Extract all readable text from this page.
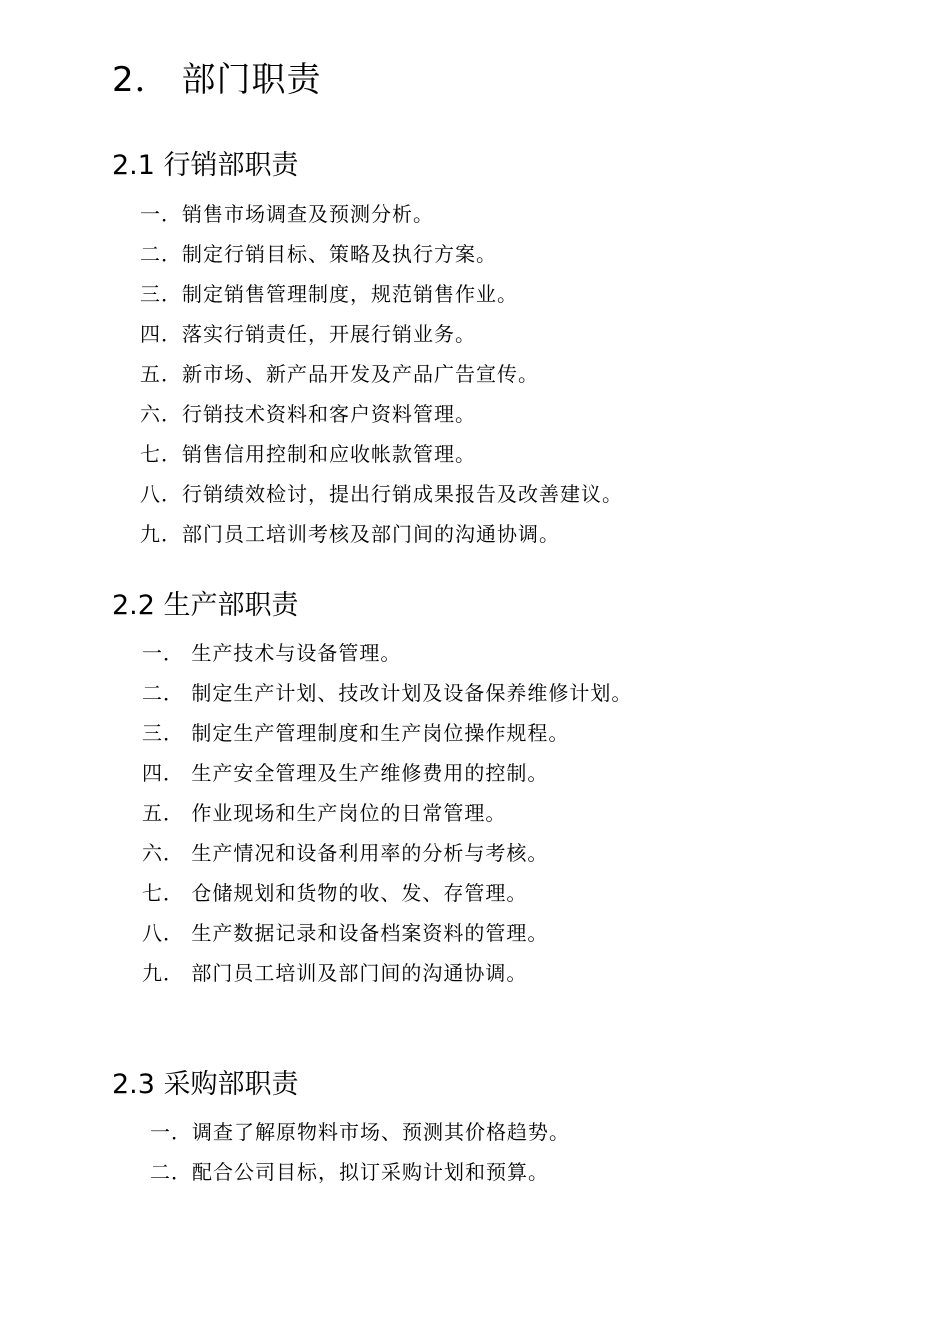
2． 部门职责
2.1 行销部职责
一．销售市场调查及预测分析。
二．制定行销目标、策略及执行方案。
三．制定销售管理制度，规范销售作业。
四．落实行销责任，开展行销业务。
五．新市场、新产品开发及产品广告宣传。
六．行销技术资料和客户资料管理。
七．销售信用控制和应收帐款管理。
八．行销绩效检讨，提出行销成果报告及改善建议。
九．部门员工培训考核及部门间的沟通协调。
2.2 生产部职责
一． 生产技术与设备管理。
二． 制定生产计划、技改计划及设备保养维修计划。
三． 制定生产管理制度和生产岗位操作规程。
四． 生产安全管理及生产维修费用的控制。
五． 作业现场和生产岗位的日常管理。
六． 生产情况和设备利用率的分析与考核。
七． 仓储规划和货物的收、发、存管理。
八． 生产数据记录和设备档案资料的管理。
九． 部门员工培训及部门间的沟通协调。
2.3 采购部职责
一．调查了解原物料市场、预测其价格趋势。
二．配合公司目标，拟订采购计划和预算。
